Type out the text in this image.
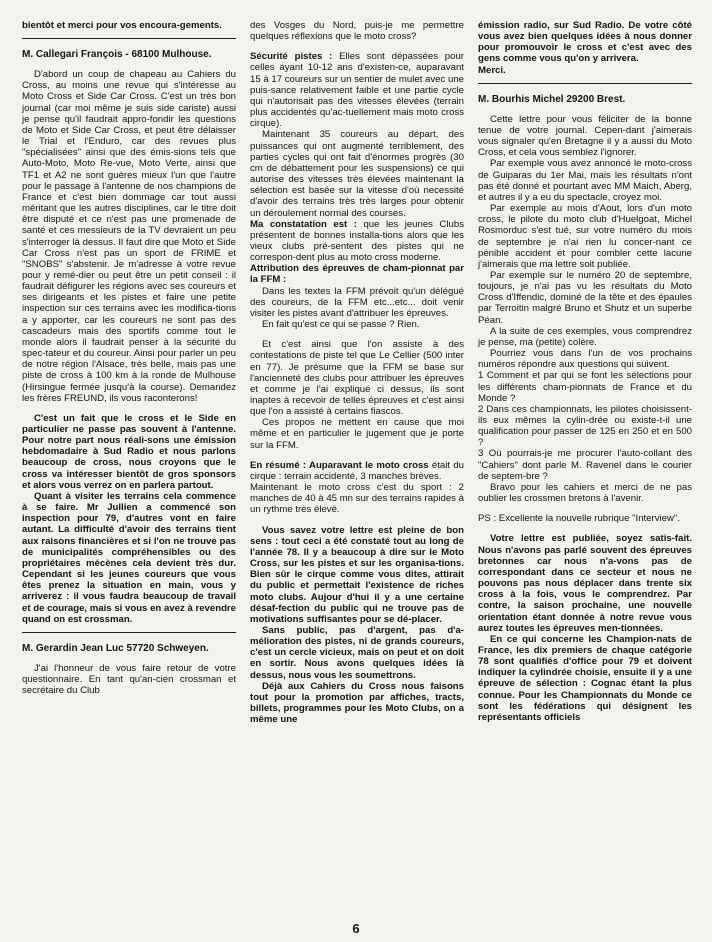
bientôt et merci pour vos encoura-gements.

M. Callegari François - 68100 Mulhouse.

D'abord un coup de chapeau au Cahiers du Cross, au moins une revue qui s'intéresse au Moto Cross et Side Car Cross. C'est un très bon journal (car moi même je suis side cariste) aussi je pense qu'il faudrait appro-fondir les questions de Moto et Side Car Cross, et peut être délaisser le Trial et l'Enduro, car des revues plus "spécialisées" ainsi que des émis-sions tels que Auto-Moto, Moto Re-vue, Moto Verte, ainsi que TF1 et A2 ne sont guères mieux l'un que l'autre pour le passage à l'antenne de nos champions de France et c'est bien dommage car tout aussi méritant que les autres disciplines, car le titre doit être disputé et ce n'est pas une promenade de santé et ces messieurs de la TV devraient un peu s'interroger là dessus. Il faut dire que Moto et Side Car Cross n'est pas un sport de FRIME et "SNOBS" s'abstenir. Je m'adresse à votre revue pour y remé-dier ou peut être un petit conseil : il faudrait défigurer les régions avec ses coureurs et ses dirigeants et les pistes et faire une petite inspection sur ces terrains avec les modifica-tions a y apporter, car les coureurs ne sont pas des cascadeurs mais des sportifs comme tout le monde alors il faudrait penser à la sécurité du spec-tateur et du coureur. Ainsi pour parler un peu de notre région l'Alsace, très belle, mais pas une piste de cross à 100 km à la ronde de Mulhouse (Hirsingue fermée jusqu'à la course). Demandez les frères FREUND, ils vous raconterons!

C'est un fait que le cross et le Side en particulier ne passe pas souvent à l'antenne. Pour notre part nous réali-sons une émission hebdomadaire à Sud Radio et nous parlons beaucoup de cross, nous croyons que le cross va intéresser bientôt de gros sponsors et alors vous verrez on en parlera partout.

Quant à visiter les terrains cela commence à se faire. Mr Jullien a commencé son inspection pour 79, d'autres vont en faire autant. La difficulté d'avoir des terrains tient aux raisons financières et si l'on ne trouve pas de municipalités compréhensibles ou des propriétaires mécènes cela devient très dur. Cependant si les jeunes coureurs que vous êtes prenez la situation en main, vous y arriverez : il vous faudra beaucoup de travail et de courage, mais si vous en avez à revendre quand on est crossman.

M. Gerardin Jean Luc 57720 Schweyen.

J'ai l'honneur de vous faire retour de votre questionnaire. En tant qu'an-cien crossman et secrétaire du Club

des Vosges du Nord, puis-je me permettre quelques réflexions que le moto cross?

Sécurité pistes : Elles sont dépassées pour celles ayant 10-12 ans d'existen-ce, auparavant 15 à 17 coureurs sur un sentier de mulet avec une puis-sance relativement faible et une partie cycle qui n'autorisait pas des vitesses élevées (terrain plus accidentés qu'ac-tuellement mais moto cross cirque).

Maintenant 35 coureurs au départ, des puissances qui ont augmenté terriblement, des parties cycles qui ont fait d'énormes progrès (30 cm de débattement pour les suspensions) ce qui autorise des vitesses très élevées maintenant la sélection est basée sur la vitesse d'où necessité d'avoir des terrains très très larges pour obtenir un déroulement normal des courses.

Ma constatation est : que les jeunes Clubs présentent de bonnes installa-tions alors que les vieux clubs pré-sentent des pistes qui ne correspon-dent plus au moto cross moderne.

Attribution des épreuves de cham-pionnat par la FFM :

Dans les textes la FFM prévoit qu'un délégué des coureurs, de la FFM etc...etc... doit venir visiter les pistes avant d'attribuer les épreuves.

En fait qu'est ce qui se passe ? Rien.

Et c'est ainsi que l'on assiste à des contestations de piste tel que Le Cellier (500 inter en 77). Je présume que la FFM se base sur l'ancienneté des clubs pour attribuer les épreuves et comme je l'ai expliqué ci dessus, ils sont inaptes à recevoir de telles épreuves et c'est ainsi que l'on a assisté à certains fiascos.

Ces propos ne mettent en cause que moi même et en particulier le jugement que je porte sur la FFM.

En résumé : Auparavant le moto cross était du cirque : terrain accidenté, 3 manches brèves.

Maintenant le moto cross c'est du sport : 2 manches de 40 à 45 mn sur des terrains rapides à un rythme très élevé.

Vous savez votre lettre est pleine de bon sens : tout ceci a été constaté tout au long de l'année 78. Il y a beaucoup à dire sur le Moto Cross, sur les pistes et sur les organisa-tions. Bien sûr le cirque comme vous dites, attirait du public et permettait l'existence de riches moto clubs. Aujour d'hui il y a une certaine désaf-fection du public qui ne trouve pas de motivations suffisantes pour se dé-placer.

Sans public, pas d'argent, pas d'a-mélioration des pistes, ni de grands coureurs, c'est un cercle vicieux, mais on peut et on doit en sortir. Nous avons quelques idées là dessus, nous vous les soumettrons.

Déjà aux Cahiers du Cross nous faisons tout pour la promotion par affiches, tracts, billets, programmes pour les Moto Clubs, on a même une

émission radio, sur Sud Radio. De votre côté vous avez bien quelques idées à nous donner pour promouvoir le cross et c'est avec des gens comme vous qu'on y arrivera.

Merci.

M. Bourhis Michel 29200 Brest.

Cette lettre pour vous féliciter de la bonne tenue de votre journal. Cepen-dant j'aimerais vous signaler qu'en Bretagne il y a aussi du Moto Cross, et cela vous semblez l'ignorer.

Par exemple vous avez annoncé le moto-cross de Guiparas du 1er Mai, mais les résultats n'ont pas été donné et pourtant avec MM Maich, Aberg, et autres il y a eu du spectacle, croyez moi.

Par exemple au mois d'Aout, lors d'un moto cross, le pilote du moto club d'Huelgoat, Michel Rosmorduc s'est tué, sur votre numéro du mois de septembre je n'ai rien lu concer-nant ce pénible accident et pour combler cette lacune j'aimerais que ma lettre soit publiée.

Par exemple sur le numéro 20 de septembre, toujours, je n'ai pas vu les résultats du Moto Cross d'Iffendic, dominé de la tête et des épaules par Terroitin malgré Bruno et Shutz et un superbe Péan.

A la suite de ces exemples, vous comprendrez je pense, ma (petite) colère.

Pourriez vous dans l'un de vos prochains numéros répondre aux questions qui suivent.

1 Comment et par qui se font les sélections pour les différents cham-pionnats de France et du Monde ?

2 Dans ces championnats, les pilotes choisissent-ils eux mêmes la cylin-drée ou existe-t-il une qualification pour passer de 125 en 250 et en 500 ?

3 Où pourrais-je me procurer l'auto-collant des "Cahiers" dont parle M. Ravenel dans le courier de septem-bre ?

Bravo pour les cahiers et merci de ne pas oublier les crossmen bretons à l'avenir.

PS : Excellente la nouvelle rubrique "Interview".

Votre lettre est publiée, soyez satis-fait. Nous n'avons pas parlé souvent des épreuves bretonnes car nous n'a-vons pas de correspondant dans ce secteur et nous ne pouvons pas nous déplacer dans trente six cross à la fois, vous le comprendrez. Par contre, la saison prochaine, une nouvelle orientation étant donnée à notre revue vous aurez toutes les épreuves men-tionnées.

En ce qui concerne les Champion-nats de France, les dix premiers de chaque catégorie 78 sont qualifiés d'office pour 79 et doivent indiquer la cylindrée choisie, ensuite il y a une épreuve de sélection : Cognac étant la plus connue. Pour les Championnats du Monde ce sont les fédérations qui désignent les représentants officiels

6
